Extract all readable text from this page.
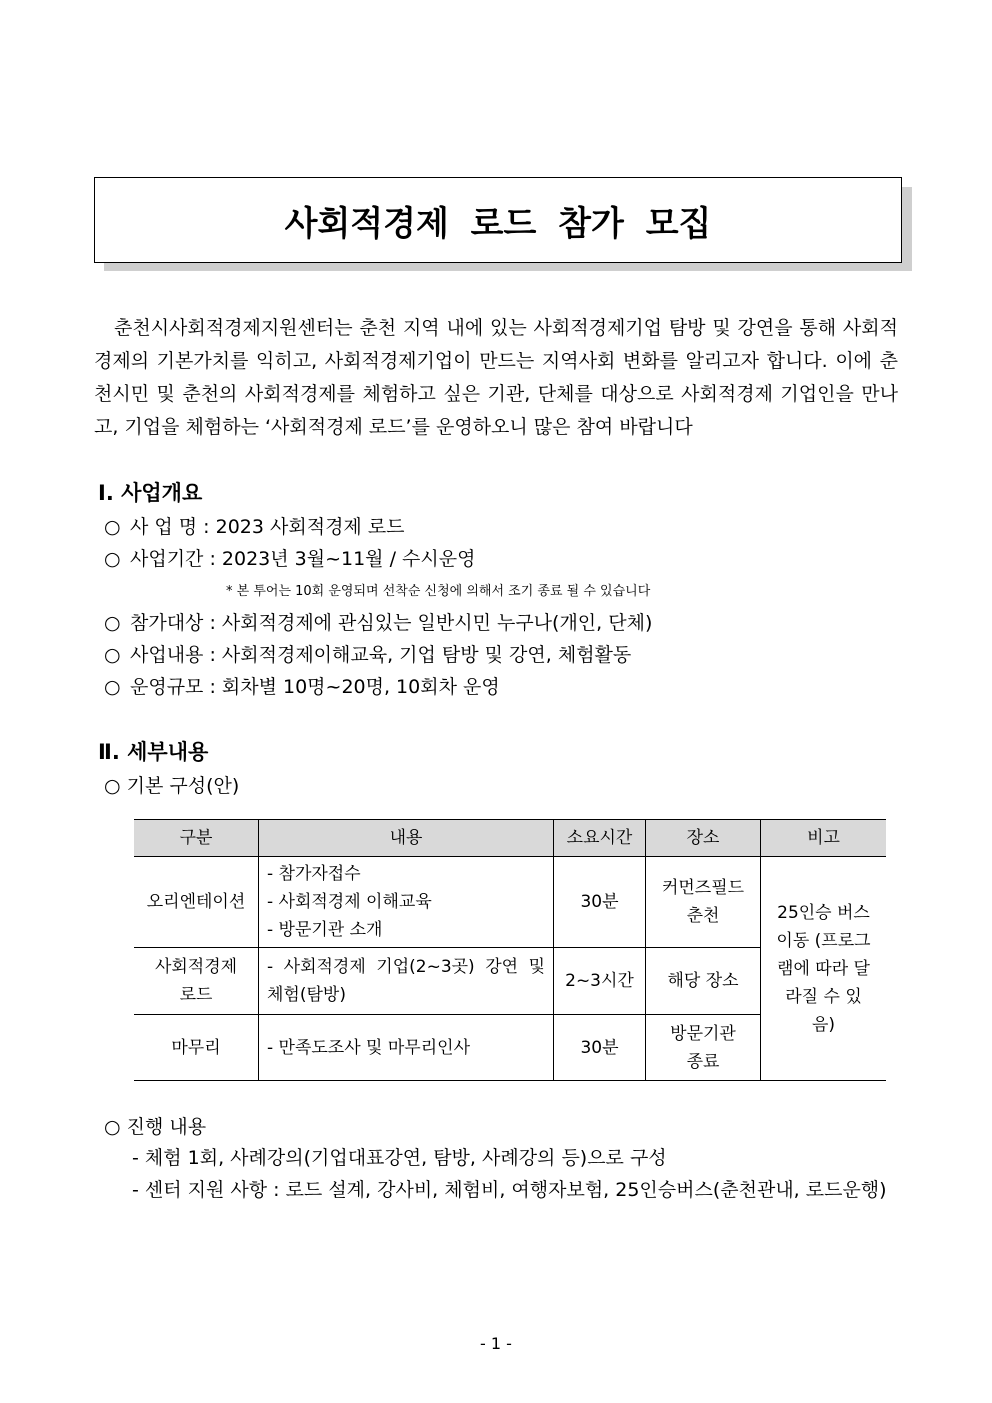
사회적경제 로드 참가 모집

춘천시사회적경제지원센터는 춘천 지역 내에 있는 사회적경제기업 탐방 및 강연을 통해 사회적경제의 기본가치를 익히고, 사회적경제기업이 만드는 지역사회 변화를 알리고자 합니다. 이에 춘천시민 및 춘천의 사회적경제를 체험하고 싶은 기관, 단체를 대상으로 사회적경제 기업인을 만나고, 기업을 체험하는 ‘사회적경제 로드’를 운영하오니 많은 참여 바랍니다

Ⅰ. 사업개요
○ 사 업 명 : 2023 사회적경제 로드
○ 사업기간 : 2023년 3월~11월 / 수시운영
* 본 투어는 10회 운영되며 선착순 신청에 의해서 조기 종료 될 수 있습니다
○ 참가대상 : 사회적경제에 관심있는 일반시민 누구나(개인, 단체)
○ 사업내용 : 사회적경제이해교육, 기업 탐방 및 강연, 체험활동
○ 운영규모 : 회차별 10명~20명, 10회차 운영
Ⅱ. 세부내용
○ 기본 구성(안)
구분	내용	소요시간	장소	비고
오리엔테이션	- 참가자접수
- 사회적경제 이해교육
- 방문기관 소개	30분	커먼즈필드 춘천	25인승 버스 이동 (프로그램에 따라 달라질 수 있음)
사회적경제 로드	- 사회적경제 기업(2~3곳) 강연 및 체험(탐방)	2~3시간	해당 장소	
마무리	- 만족도조사 및 마무리인사	30분	방문기관 종료	
○ 진행 내용
- 체험 1회, 사례강의(기업대표강연, 탐방, 사례강의 등)으로 구성
- 센터 지원 사항 : 로드 설계, 강사비, 체험비, 여행자보험, 25인승버스(춘천관내, 로드운행)
- 1 -
